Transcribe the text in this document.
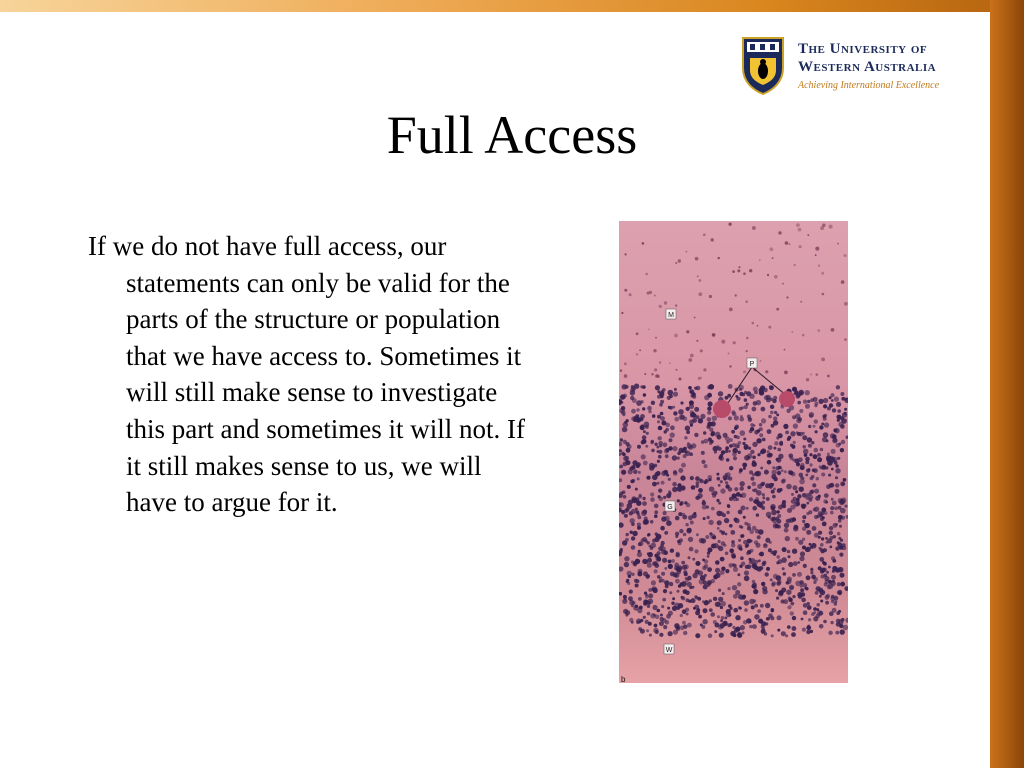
The University of
Western Australia
Achieving International Excellence
Full Access
If we do not have full access, our statements can only be valid for the parts of the structure or population that we have access to. Sometimes it will still make sense to investigate this part and sometimes it will not. If it still makes sense to us, we will have to argue for it.
M
P
G
W
b
